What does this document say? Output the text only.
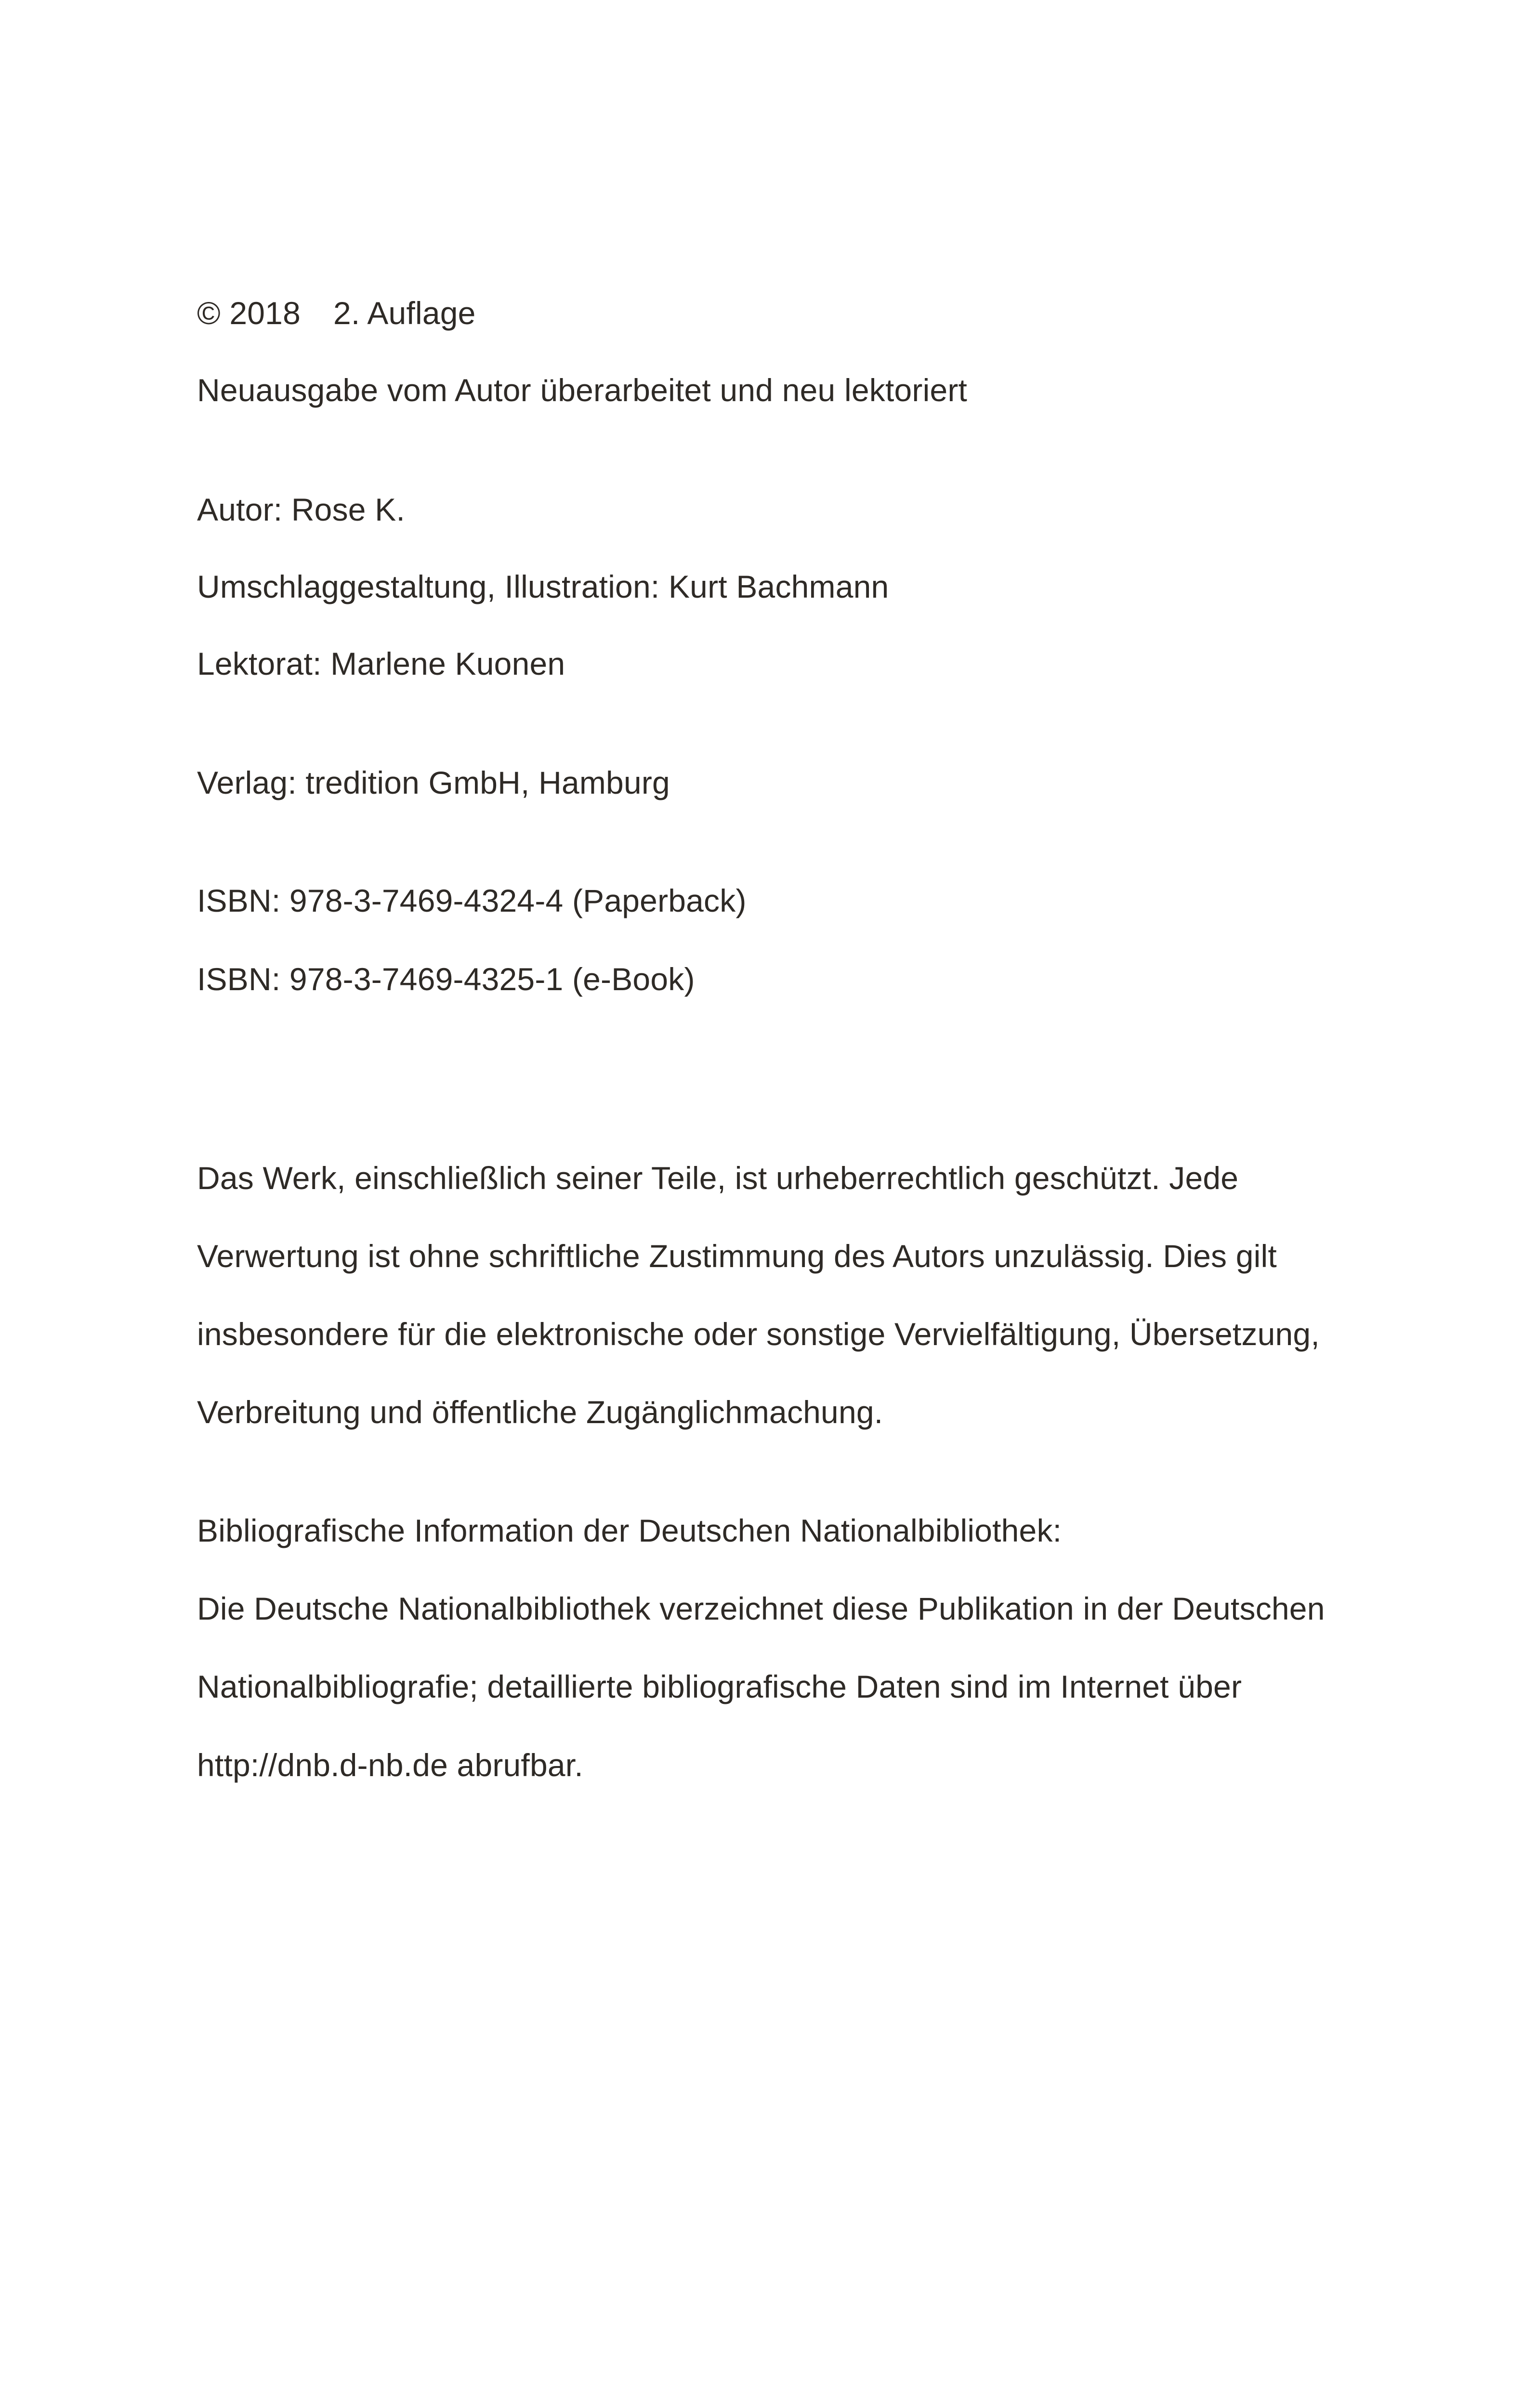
© 2018 2. Auflage
Neuausgabe vom Autor überarbeitet und neu lektoriert
Autor: Rose K.
Umschlaggestaltung, Illustration: Kurt Bachmann
Lektorat: Marlene Kuonen
Verlag: tredition GmbH, Hamburg
ISBN: 978-3-7469-4324-4 (Paperback)
ISBN: 978-3-7469-4325-1 (e-Book)
Das Werk, einschließlich seiner Teile, ist urheberrechtlich geschützt. Jede
Verwertung ist ohne schriftliche Zustimmung des Autors unzulässig. Dies gilt
insbesondere für die elektronische oder sonstige Vervielfältigung, Übersetzung,
Verbreitung und öffentliche Zugänglichmachung.
Bibliografische Information der Deutschen Nationalbibliothek:
Die Deutsche Nationalbibliothek verzeichnet diese Publikation in der Deutschen
Nationalbibliografie; detaillierte bibliografische Daten sind im Internet über
http://dnb.d-nb.de abrufbar.
